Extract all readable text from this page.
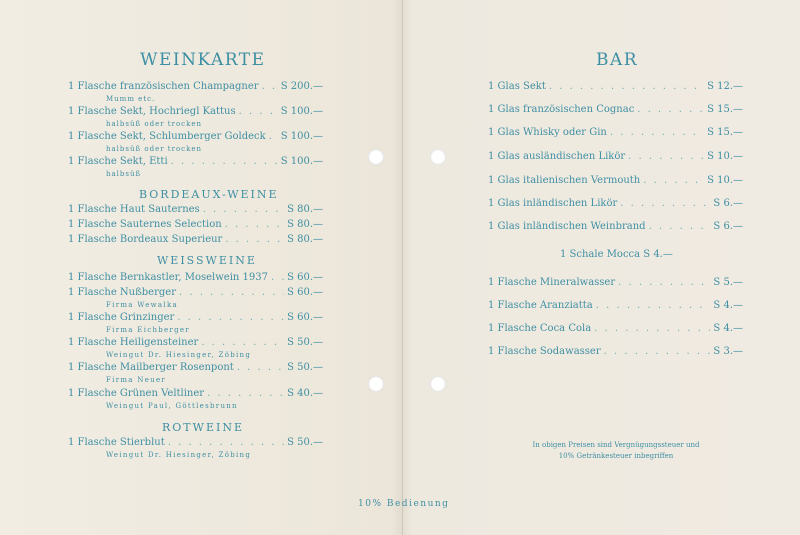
WEINKARTE
1 Flasche französischen Champagner . . . S 200.—
Mumm etc.
1 Flasche Sekt, Hochriegl Kattus . . .	S 100.—
halbsüß oder trocken
1 Flasche Sekt, Schlumberger Goldeck . . . S 100.—
halbsüß oder trocken
1 Flasche Sekt, Etti . . .	S 100.—
halbsüß
BORDEAUX-WEINE
1 Flasche Haut Sauternes . . .	S 80.—
1 Flasche Sauternes Selection . . .	S 80.—
1 Flasche Bordeaux Superieur . . .	S 80.—
WEISSWEINE
1 Flasche Bernkastler, Moselwein 1937 . . . S 60.—
1 Flasche Nußberger . . .	S 60.—
Firma Wewalka
1 Flasche Grinzinger . . .	S 60.—
Firma Eichberger
1 Flasche Heiligensteiner . . .	S 50.—
Weingut Dr. Hiesinger, Zöbing
1 Flasche Mailberger Rosenpont . . .	S 50.—
Firma Neuer
1 Flasche Grünen Veltliner . . .	S 40.—
Weingut Paul, Göttlesbrunn
ROTWEINE
1 Flasche Stierblut . . .	S 50.—
Weingut Dr. Hiesinger, Zöbing
BAR
1 Glas Sekt . . .	S 12.—
1 Glas französischen Cognac . . .	S 15.—
1 Glas Whisky oder Gin . . .	S 15.—
1 Glas ausländischen Likör . . .	S 10.—
1 Glas italienischen Vermouth . . .	S 10.—
1 Glas inländischen Likör . . .	S 6.—
1 Glas inländischen Weinbrand . . .	S 6.—
1 Schale Mocca S 4.—
1 Flasche Mineralwasser . . .	S 5.—
1 Flasche Aranziatta . . .	S 4.—
1 Flasche Coca Cola . . .	S 4.—
1 Flasche Sodawasser . . .	S 3.—
In obigen Preisen sind Vergnügungssteuer und
10% Getränkesteuer inbegriffen
10% Bedienung
